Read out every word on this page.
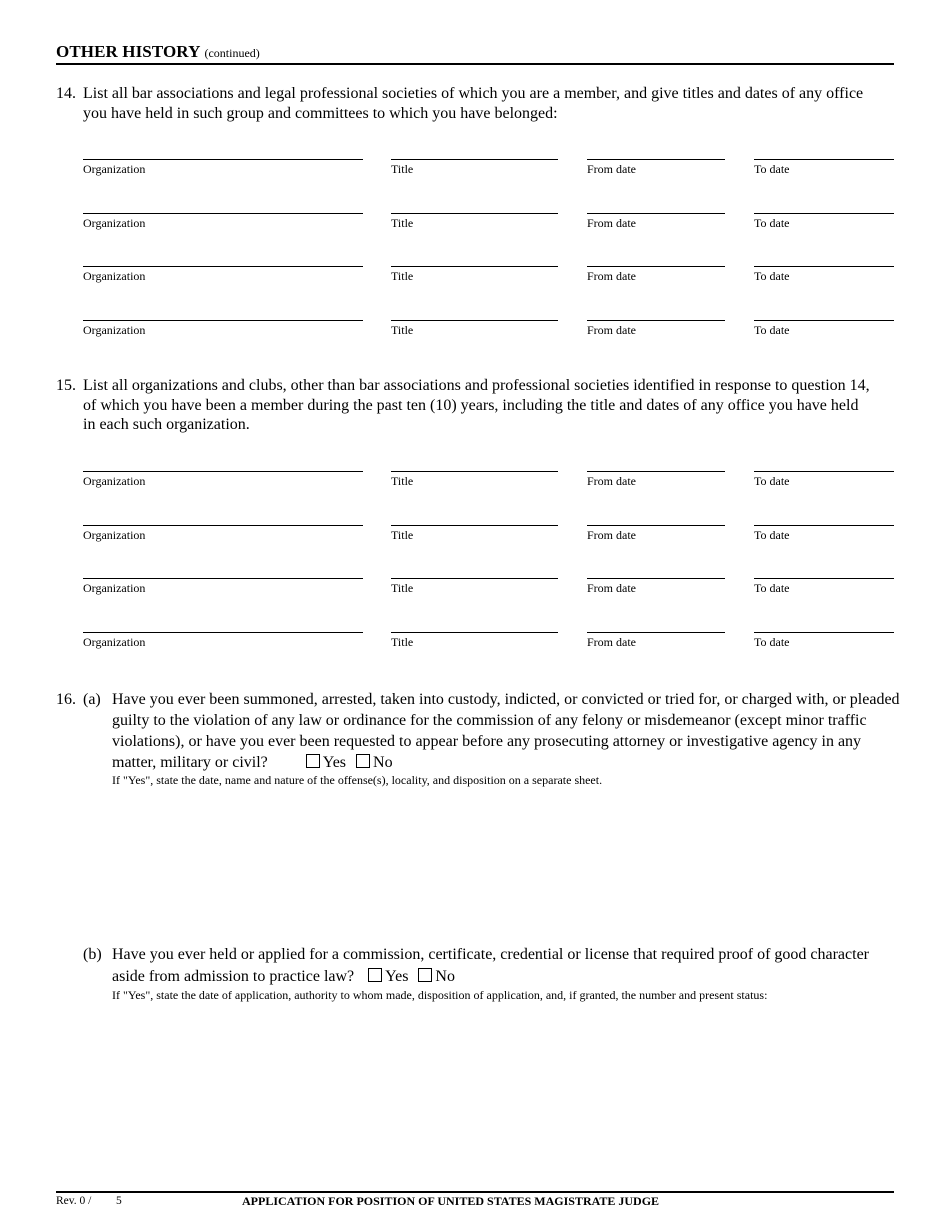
OTHER HISTORY (continued)
14. List all bar associations and legal professional societies of which you are a member, and give titles and dates of any office you have held in such group and committees to which you have belonged:
Organization	Title	From date	To date
Organization	Title	From date	To date
Organization	Title	From date	To date
Organization	Title	From date	To date
15. List all organizations and clubs, other than bar associations and professional societies identified in response to question 14, of which you have been a member during the past ten (10) years, including the title and dates of any office you have held in each such organization.
Organization	Title	From date	To date
Organization	Title	From date	To date
Organization	Title	From date	To date
Organization	Title	From date	To date
16. (a) Have you ever been summoned, arrested, taken into custody, indicted, or convicted or tried for, or charged with, or pleaded guilty to the violation of any law or ordinance for the commission of any felony or misdemeanor (except minor traffic violations), or have you ever been requested to appear before any prosecuting attorney or investigative agency in any matter, military or civil?	Yes No
If "Yes", state the date, name and nature of the offense(s), locality, and disposition on a separate sheet.
(b) Have you ever held or applied for a commission, certificate, credential or license that required proof of good character aside from admission to practice law? Yes No
If "Yes", state the date of application, authority to whom made, disposition of application, and, if granted, the number and present status:
Rev. 0 / 5	APPLICATION FOR POSITION OF UNITED STATES MAGISTRATE JUDGE
